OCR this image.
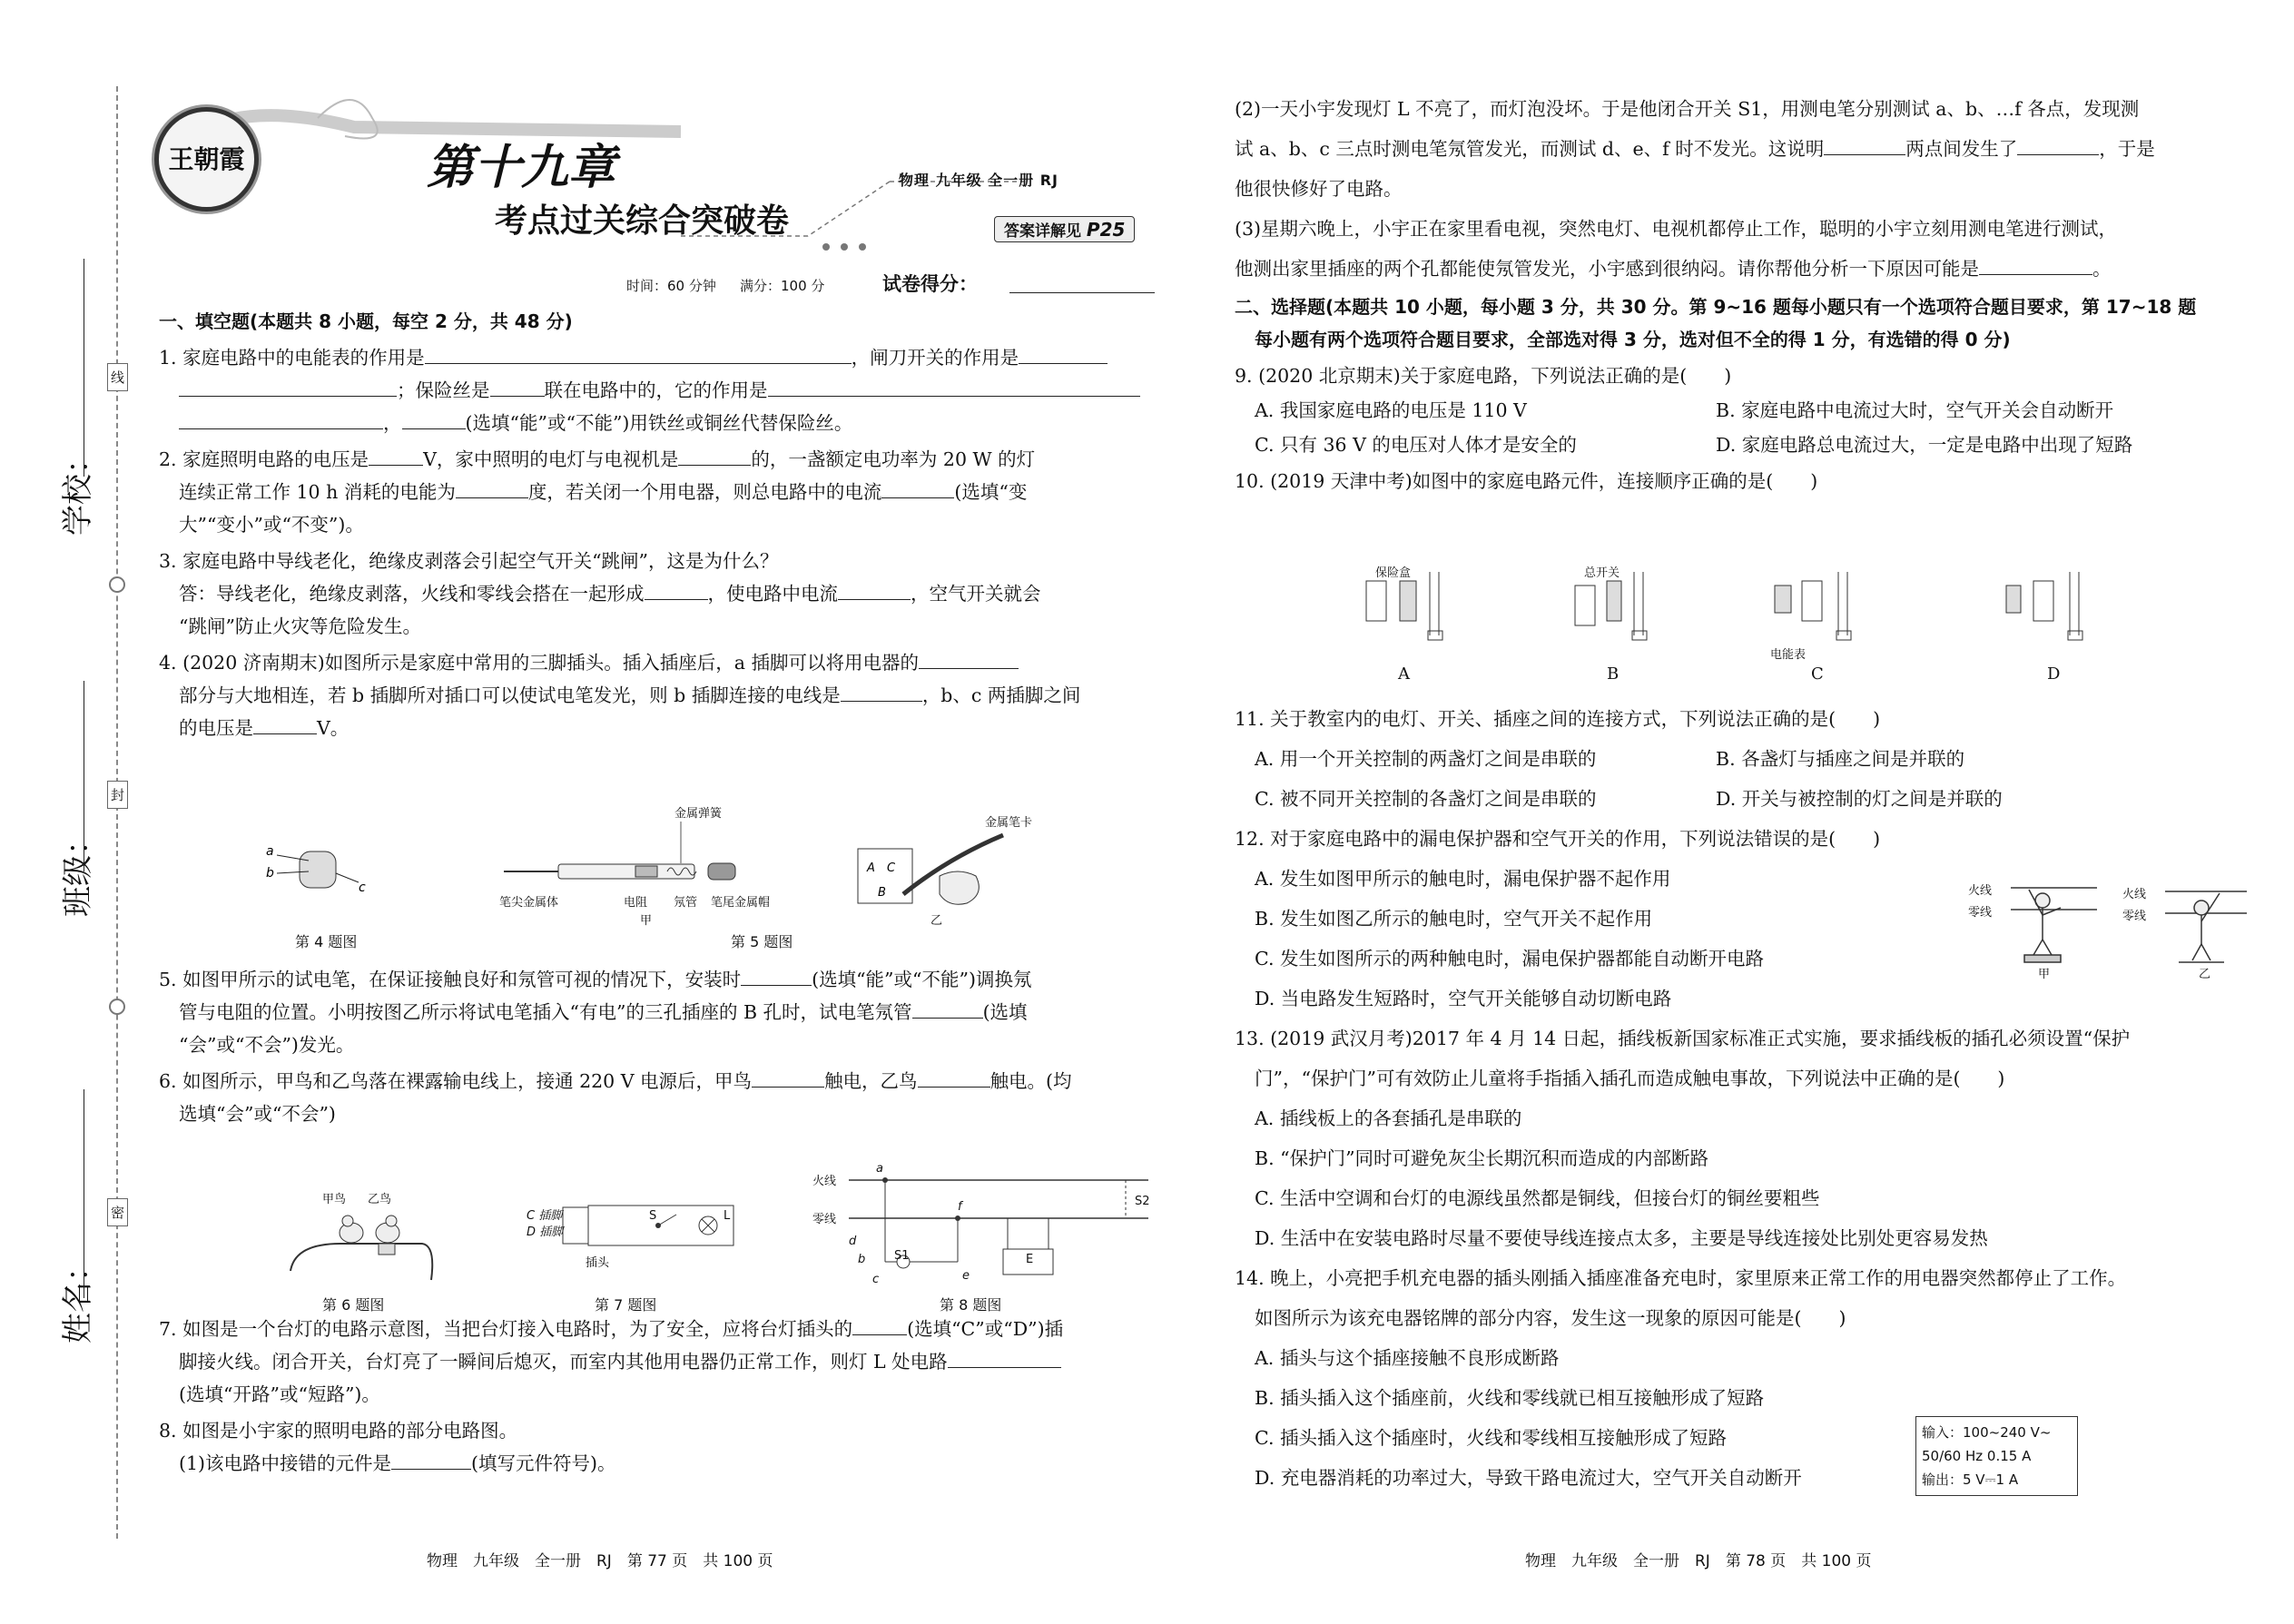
学校：
班级：
姓名：
线
封
密
王朝霞	第十九章
考点过关综合突破卷
物理 九年级 全一册 RJ
答案详解见 P25
时间：60 分钟 满分：100 分	试卷得分：
一、填空题(本题共 8 小题，每空 2 分，共 48 分)
1. 家庭电路中的电能表的作用是	，闸刀开关的作用是
；保险丝是	联在电路中的，它的作用是
，	(选填“能”或“不能”)用铁丝或铜丝代替保险丝。
2. 家庭照明电路的电压是	V，家中照明的电灯与电视机是	的，一盏额定电功率为 20 W 的灯
连续正常工作 10 h 消耗的电能为	度，若关闭一个用电器，则总电路中的电流	(选填“变
大”“变小”或“不变”)。
3. 家庭电路中导线老化，绝缘皮剥落会引起空气开关“跳闸”，这是为什么？
答：导线老化，绝缘皮剥落，火线和零线会搭在一起形成	，使电路中电流	，空气开关就会
“跳闸”防止火灾等危险发生。
4. (2020 济南期末)如图所示是家庭中常用的三脚插头。插入插座后，a 插脚可以将用电器的
部分与大地相连，若 b 插脚所对插口可以使试电笔发光，则 b 插脚连接的电线是	，b、c 两插脚之间
的电压是	V。
a
b
c
第 4 题图
金属弹簧
笔尖金属体	电阻 氖管 笔尾金属帽
甲
A C
B
金属笔卡
乙
第 5 题图
5. 如图甲所示的试电笔，在保证接触良好和氖管可视的情况下，安装时	(选填“能”或“不能”)调换氖
管与电阻的位置。小明按图乙所示将试电笔插入“有电”的三孔插座的 B 孔时，试电笔氖管	(选填
“会”或“不会”)发光。
6. 如图所示，甲鸟和乙鸟落在裸露输电线上，接通 220 V 电源后，甲鸟	触电，乙鸟	触电。(均
选填“会”或“不会”)
甲鸟 乙鸟
第 6 题图
C 插脚
D 插脚
插头
S	L
第 7 题图
火线
零线
a
b
c
d
e
f
S1
S2
E
第 8 题图
7. 如图是一个台灯的电路示意图，当把台灯接入电路时，为了安全，应将台灯插头的	(选填“C”或“D”)插
脚接火线。闭合开关，台灯亮了一瞬间后熄灭，而室内其他用电器仍正常工作，则灯 L 处电路
(选填“开路”或“短路”)。
8. 如图是小宇家的照明电路的部分电路图。
(1)该电路中接错的元件是	(填写元件符号)。
物理　九年级　全一册　RJ　第 77 页　共 100 页
(2)一天小宇发现灯 L 不亮了，而灯泡没坏。于是他闭合开关 S1，用测电笔分别测试 a、b、…f 各点，发现测
试 a、b、c 三点时测电笔氖管发光，而测试 d、e、f 时不发光。这说明	两点间发生了	，于是
他很快修好了电路。
(3)星期六晚上，小宇正在家里看电视，突然电灯、电视机都停止工作，聪明的小宇立刻用测电笔进行测试，
他测出家里插座的两个孔都能使氖管发光，小宇感到很纳闷。请你帮他分析一下原因可能是	。
二、选择题(本题共 10 小题，每小题 3 分，共 30 分。第 9~16 题每小题只有一个选项符合题目要求，第 17~18 题
每小题有两个选项符合题目要求，全部选对得 3 分，选对但不全的得 1 分，有选错的得 0 分)
9. (2020 北京期末)关于家庭电路，下列说法正确的是(　　)
A. 我国家庭电路的电压是 110 V	B. 家庭电路中电流过大时，空气开关会自动断开
C. 只有 36 V 的电压对人体才是安全的	D. 家庭电路总电流过大，一定是电路中出现了短路
10. (2019 天津中考)如图中的家庭电路元件，连接顺序正确的是(　　)
保险盒
电能表
总开关
A	B	C	D
11. 关于教室内的电灯、开关、插座之间的连接方式，下列说法正确的是(　　)
A. 用一个开关控制的两盏灯之间是串联的	B. 各盏灯与插座之间是并联的
C. 被不同开关控制的各盏灯之间是串联的	D. 开关与被控制的灯之间是并联的
12. 对于家庭电路中的漏电保护器和空气开关的作用，下列说法错误的是(　　)
A. 发生如图甲所示的触电时，漏电保护器不起作用
B. 发生如图乙所示的触电时，空气开关不起作用
C. 发生如图所示的两种触电时，漏电保护器都能自动断开电路
D. 当电路发生短路时，空气开关能够自动切断电路
火线
零线
甲
火线
零线
乙
13. (2019 武汉月考)2017 年 4 月 14 日起，插线板新国家标准正式实施，要求插线板的插孔必须设置“保护
门”，“保护门”可有效防止儿童将手指插入插孔而造成触电事故，下列说法中正确的是(　　)
A. 插线板上的各套插孔是串联的
B. “保护门”同时可避免灰尘长期沉积而造成的内部断路
C. 生活中空调和台灯的电源线虽然都是铜线，但接台灯的铜丝要粗些
D. 生活中在安装电路时尽量不要使导线连接点太多，主要是导线连接处比别处更容易发热
14. 晚上，小亮把手机充电器的插头刚插入插座准备充电时，家里原来正常工作的用电器突然都停止了工作。
如图所示为该充电器铭牌的部分内容，发生这一现象的原因可能是(　　)
A. 插头与这个插座接触不良形成断路
B. 插头插入这个插座前，火线和零线就已相互接触形成了短路
C. 插头插入这个插座时，火线和零线相互接触形成了短路
D. 充电器消耗的功率过大，导致干路电流过大，空气开关自动断开
输入：100~240 V~
50/60 Hz 0.15 A
输出：5 V⎓1 A
物理　九年级　全一册　RJ　第 78 页　共 100 页
